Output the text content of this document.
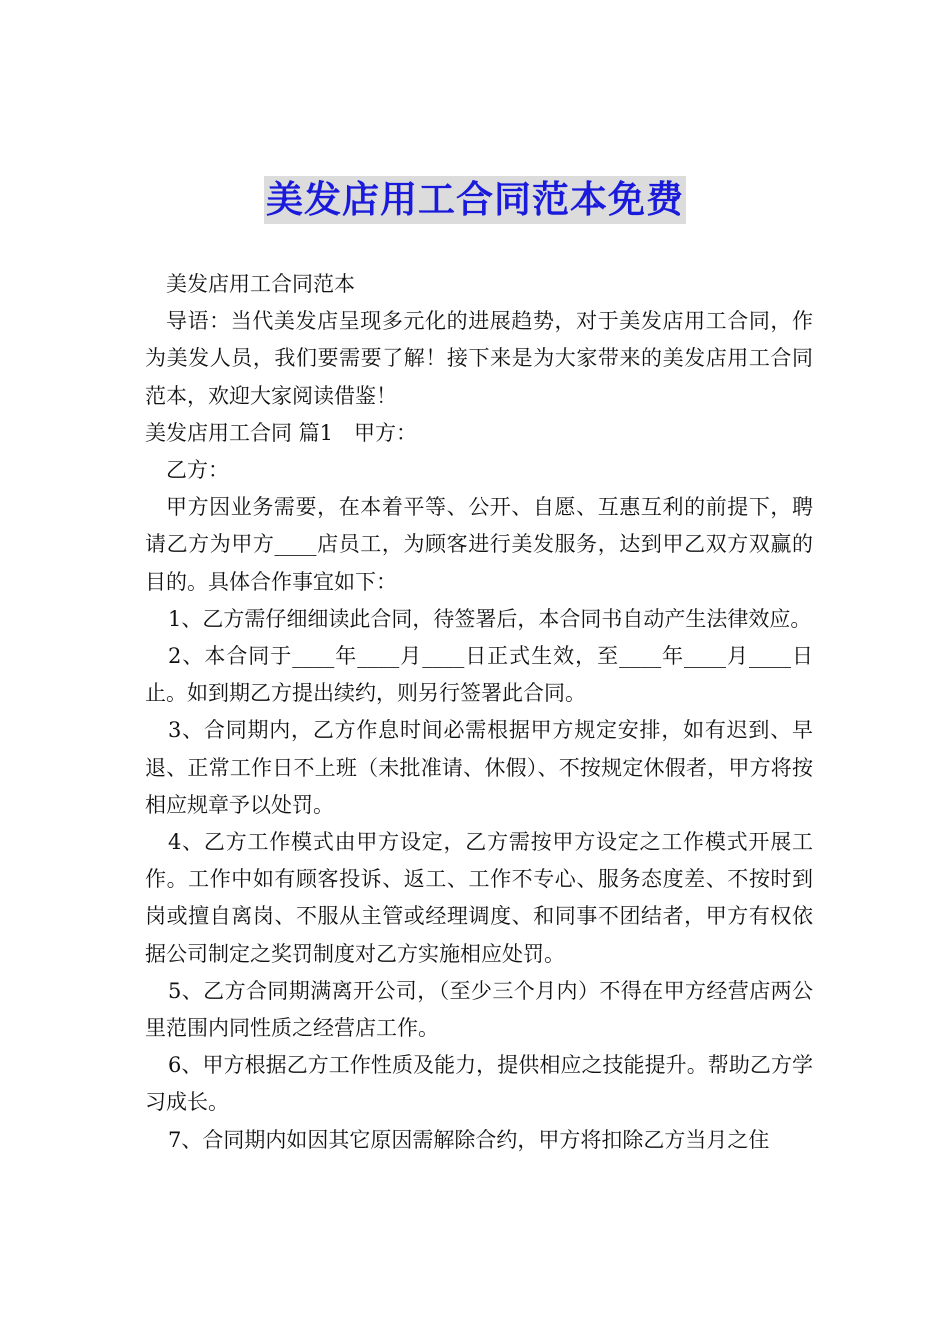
美发店用工合同范本免费

美发店用工合同范本

导语：当代美发店呈现多元化的进展趋势，对于美发店用工合同，作为美发人员，我们要需要了解！接下来是为大家带来的美发店用工合同范本，欢迎大家阅读借鉴！

美发店用工合同 篇1　甲方：

乙方：

甲方因业务需要，在本着平等、公开、自愿、互惠互利的前提下，聘请乙方为甲方____店员工，为顾客进行美发服务，达到甲乙双方双赢的目的。具体合作事宜如下：

1、乙方需仔细细读此合同，待签署后，本合同书自动产生法律效应。

2、本合同于____年____月____日正式生效，至____年____月____日止。如到期乙方提出续约，则另行签署此合同。

3、合同期内，乙方作息时间必需根据甲方规定安排，如有迟到、早退、正常工作日不上班（未批准请、休假）、不按规定休假者，甲方将按相应规章予以处罚。

4、乙方工作模式由甲方设定，乙方需按甲方设定之工作模式开展工作。工作中如有顾客投诉、返工、工作不专心、服务态度差、不按时到岗或擅自离岗、不服从主管或经理调度、和同事不团结者，甲方有权依据公司制定之奖罚制度对乙方实施相应处罚。

5、乙方合同期满离开公司，（至少三个月内）不得在甲方经营店两公里范围内同性质之经营店工作。

6、甲方根据乙方工作性质及能力，提供相应之技能提升。帮助乙方学习成长。

7、合同期内如因其它原因需解除合约，甲方将扣除乙方当月之住
